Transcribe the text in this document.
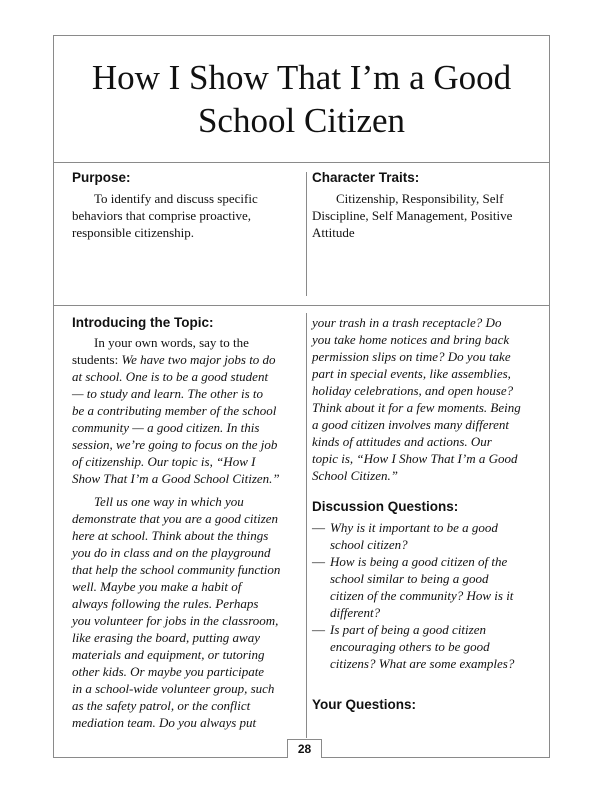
How I Show That I’m a Good
School Citizen
Purpose:

To identify and discuss specific
behaviors that comprise proactive,
responsible citizenship.

Character Traits:

Citizenship, Responsibility, Self
Discipline, Self Management, Positive
Attitude

Introducing the Topic:

In your own words, say to the
students: We have two major jobs to do
at school. One is to be a good student
— to study and learn. The other is to
be a contributing member of the school
community — a good citizen. In this
session, we’re going to focus on the job
of citizenship. Our topic is, “How I
Show That I’m a Good School Citizen.”

Tell us one way in which you
demonstrate that you are a good citizen
here at school. Think about the things
you do in class and on the playground
that help the school community function
well. Maybe you make a habit of
always following the rules. Perhaps
you volunteer for jobs in the classroom,
like erasing the board, putting away
materials and equipment, or tutoring
other kids. Or maybe you participate
in a school-wide volunteer group, such
as the safety patrol, or the conflict
mediation team. Do you always put

your trash in a trash receptacle? Do
you take home notices and bring back
permission slips on time? Do you take
part in special events, like assemblies,
holiday celebrations, and open house?
Think about it for a few moments. Being
a good citizen involves many different
kinds of attitudes and actions. Our
topic is, “How I Show That I’m a Good
School Citizen.”

Discussion Questions:
— Why is it important to be a good
school citizen?
— How is being a good citizen of the
school similar to being a good
citizen of the community? How is it
different?
— Is part of being a good citizen
encouraging others to be good
citizens? What are some examples?
Your Questions:
28
